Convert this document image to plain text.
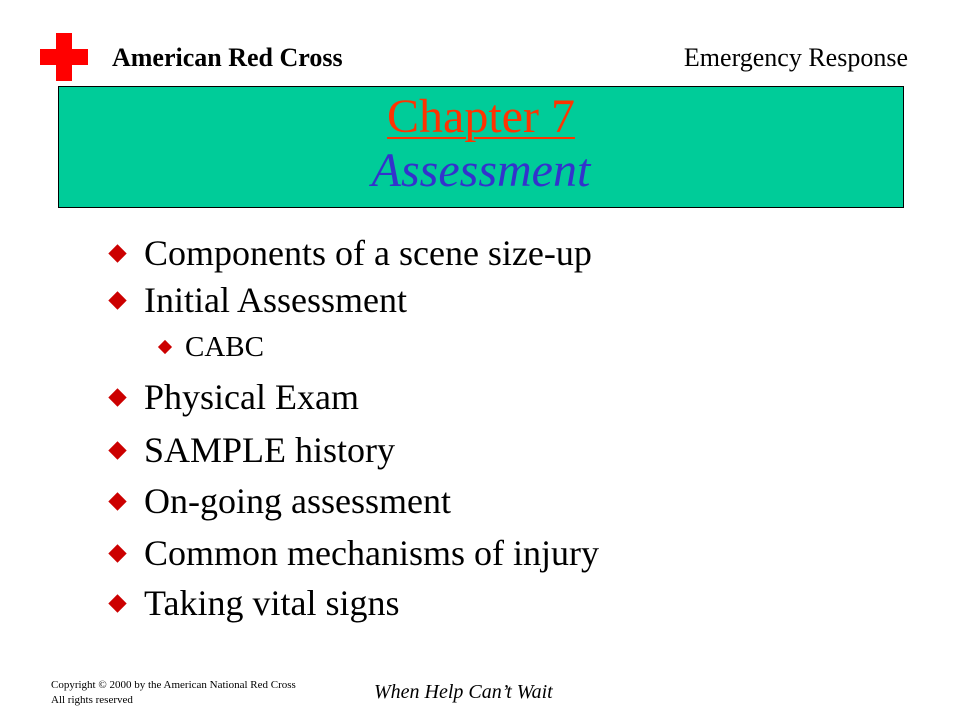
American Red Cross	Emergency Response
Chapter 7
Assessment
Components of a scene size-up
Initial Assessment
CABC
Physical Exam
SAMPLE history
On-going assessment
Common mechanisms of injury
Taking vital signs
Copyright © 2000 by the American National Red Cross
All rights reserved	When Help Can’t Wait
